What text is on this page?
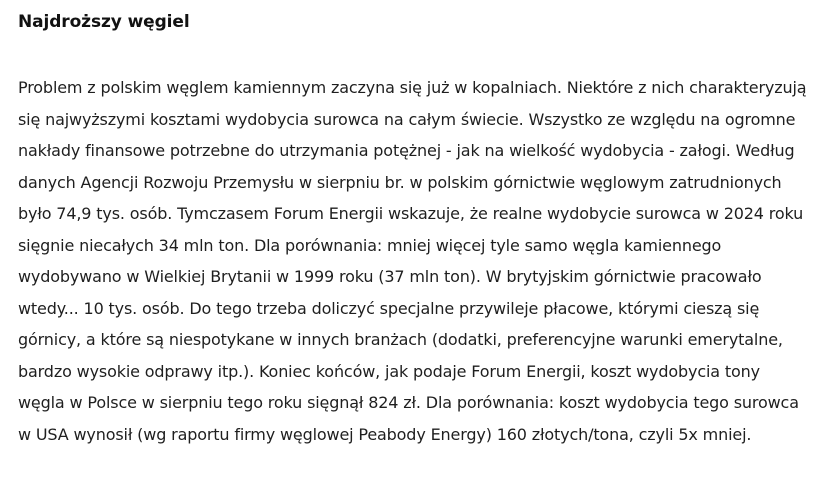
Najdroższy węgiel

Problem z polskim węglem kamiennym zaczyna się już w kopalniach. Niektóre z nich charakteryzują się najwyższymi kosztami wydobycia surowca na całym świecie. Wszystko ze względu na ogromne nakłady finansowe potrzebne do utrzymania potężnej - jak na wielkość wydobycia - załogi. Według danych Agencji Rozwoju Przemysłu w sierpniu br. w polskim górnictwie węglowym zatrudnionych było 74,9 tys. osób. Tymczasem Forum Energii wskazuje, że realne wydobycie surowca w 2024 roku sięgnie niecałych 34 mln ton. Dla porównania: mniej więcej tyle samo węgla kamiennego wydobywano w Wielkiej Brytanii w 1999 roku (37 mln ton). W brytyjskim górnictwie pracowało wtedy... 10 tys. osób. Do tego trzeba doliczyć specjalne przywileje płacowe, którymi cieszą się górnicy, a które są niespotykane w innych branżach (dodatki, preferencyjne warunki emerytalne, bardzo wysokie odprawy itp.). Koniec końców, jak podaje Forum Energii, koszt wydobycia tony węgla w Polsce w sierpniu tego roku sięgnął 824 zł. Dla porównania: koszt wydobycia tego surowca w USA wynosił (wg raportu firmy węglowej Peabody Energy) 160 złotych/tona, czyli 5x mniej.
